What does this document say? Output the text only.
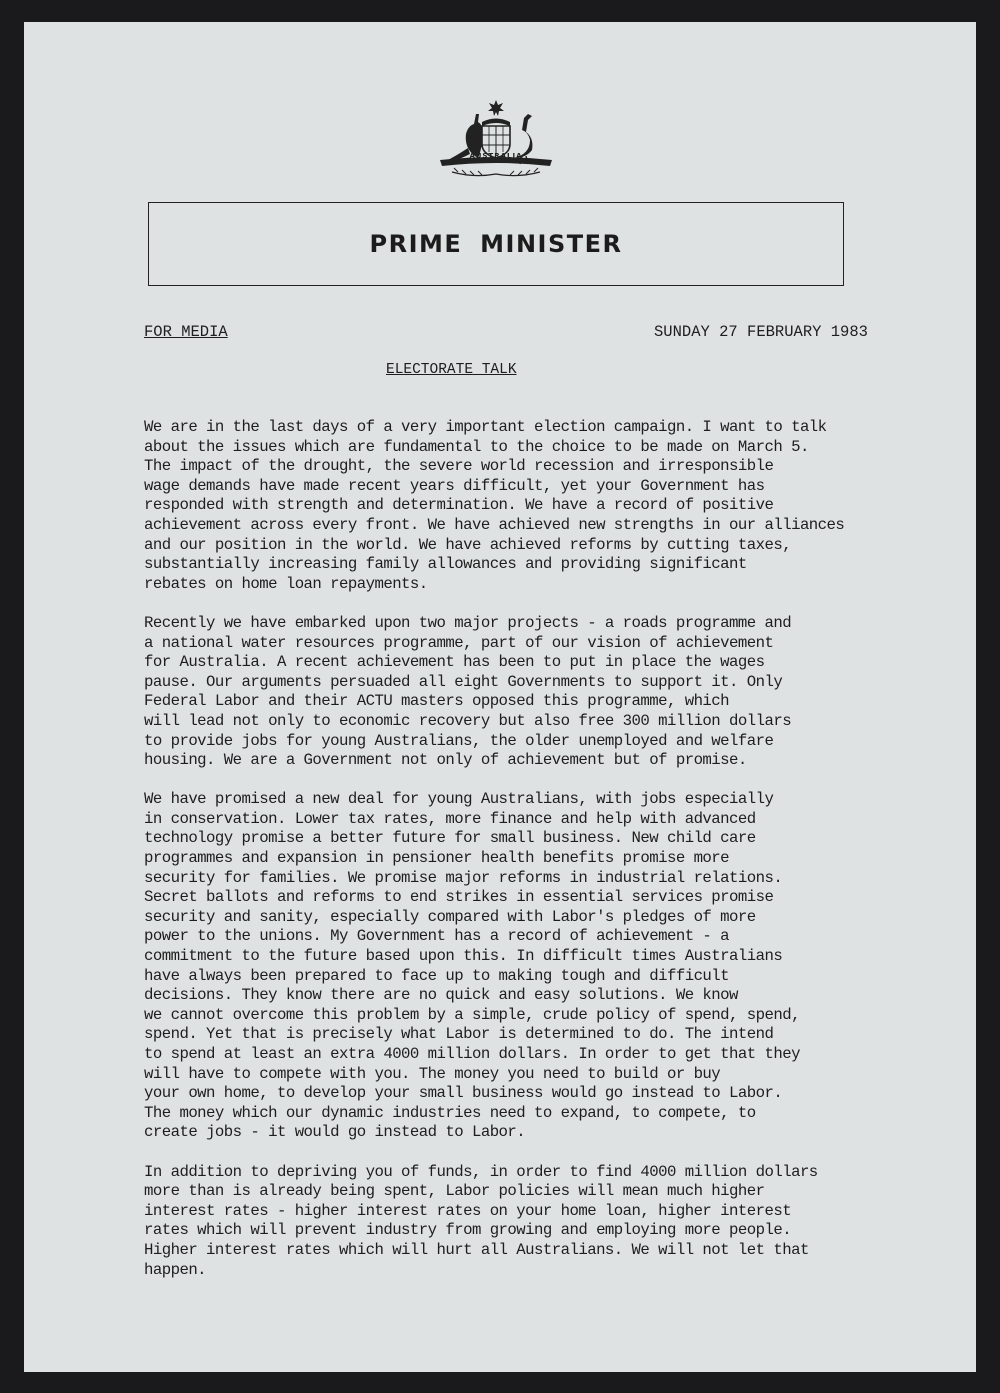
AUSTRALIA
PRIME MINISTER
FOR MEDIA	SUNDAY 27 FEBRUARY 1983
ELECTORATE TALK

We are in the last days of a very important election campaign. I want to talk
about the issues which are fundamental to the choice to be made on March 5.
The impact of the drought, the severe world recession and irresponsible
wage demands have made recent years difficult, yet your Government has
responded with strength and determination. We have a record of positive
achievement across every front. We have achieved new strengths in our alliances
and our position in the world. We have achieved reforms by cutting taxes,
substantially increasing family allowances and providing significant
rebates on home loan repayments.

Recently we have embarked upon two major projects - a roads programme and
a national water resources programme, part of our vision of achievement
for Australia. A recent achievement has been to put in place the wages
pause. Our arguments persuaded all eight Governments to support it. Only
Federal Labor and their ACTU masters opposed this programme, which
will lead not only to economic recovery but also free 300 million dollars
to provide jobs for young Australians, the older unemployed and welfare
housing. We are a Government not only of achievement but of promise.

We have promised a new deal for young Australians, with jobs especially
in conservation. Lower tax rates, more finance and help with advanced
technology promise a better future for small business. New child care
programmes and expansion in pensioner health benefits promise more
security for families. We promise major reforms in industrial relations.
Secret ballots and reforms to end strikes in essential services promise
security and sanity, especially compared with Labor's pledges of more
power to the unions. My Government has a record of achievement - a
commitment to the future based upon this. In difficult times Australians
have always been prepared to face up to making tough and difficult
decisions. They know there are no quick and easy solutions. We know
we cannot overcome this problem by a simple, crude policy of spend, spend,
spend. Yet that is precisely what Labor is determined to do. The intend
to spend at least an extra 4000 million dollars. In order to get that they
will have to compete with you. The money you need to build or buy
your own home, to develop your small business would go instead to Labor.
The money which our dynamic industries need to expand, to compete, to
create jobs - it would go instead to Labor.

In addition to depriving you of funds, in order to find 4000 million dollars
more than is already being spent, Labor policies will mean much higher
interest rates - higher interest rates on your home loan, higher interest
rates which will prevent industry from growing and employing more people.
Higher interest rates which will hurt all Australians. We will not let that
happen.
